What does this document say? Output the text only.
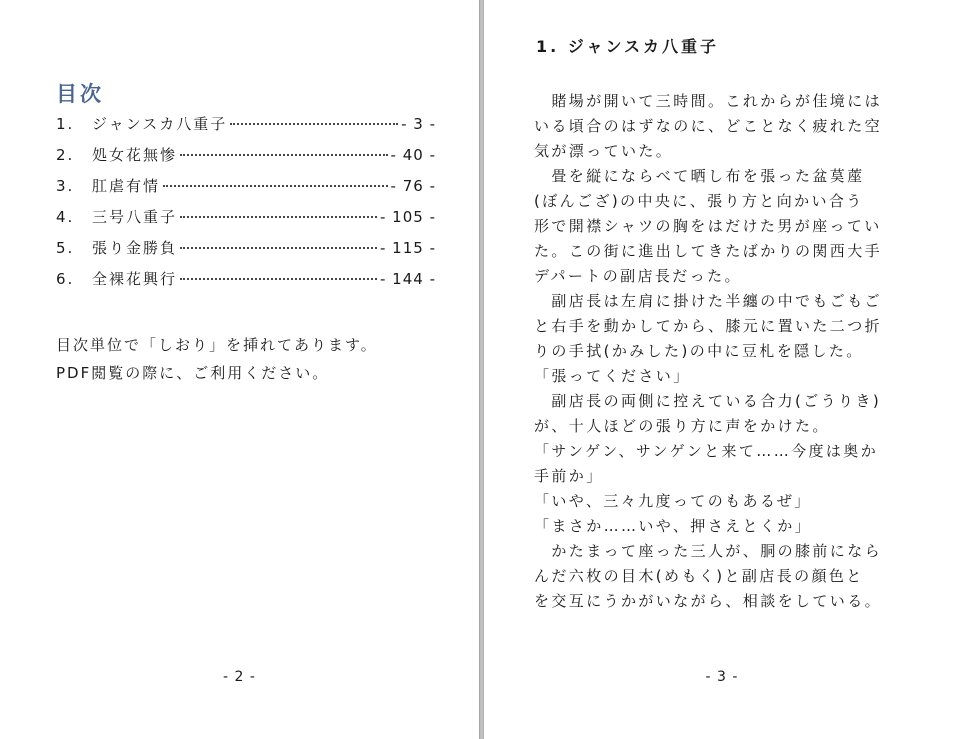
目次
1.	ジャンスカ八重子	- 3 -
2.	処女花無惨	- 40 -
3.	肛虐有情	- 76 -
4.	三号八重子	- 105 -
5.	張り金勝負	- 115 -
6.	全裸花興行	- 144 -

目次単位で「しおり」を挿れてあります。

PDF閲覧の際に、ご利用ください。

- 2 -
1. ジャンスカ八重子

　賭場が開いて三時間。これからが佳境には

いる頃合のはずなのに、どことなく疲れた空

気が漂っていた。

　畳を縦にならべて晒し布を張った盆茣蓙

(ぼんござ)の中央に、張り方と向かい合う

形で開襟シャツの胸をはだけた男が座ってい

た。この街に進出してきたばかりの関西大手

デパートの副店長だった。

　副店長は左肩に掛けた半纏の中でもごもご

と右手を動かしてから、膝元に置いた二つ折

りの手拭(かみした)の中に豆札を隠した。

「張ってください」

　副店長の両側に控えている合力(ごうりき)

が、十人ほどの張り方に声をかけた。

「サンゲン、サンゲンと来て……今度は奥か

手前か」

「いや、三々九度ってのもあるぜ」

「まさか……いや、押さえとくか」

　かたまって座った三人が、胴の膝前になら

んだ六枚の目木(めもく)と副店長の顔色と

を交互にうかがいながら、相談をしている。

- 3 -
